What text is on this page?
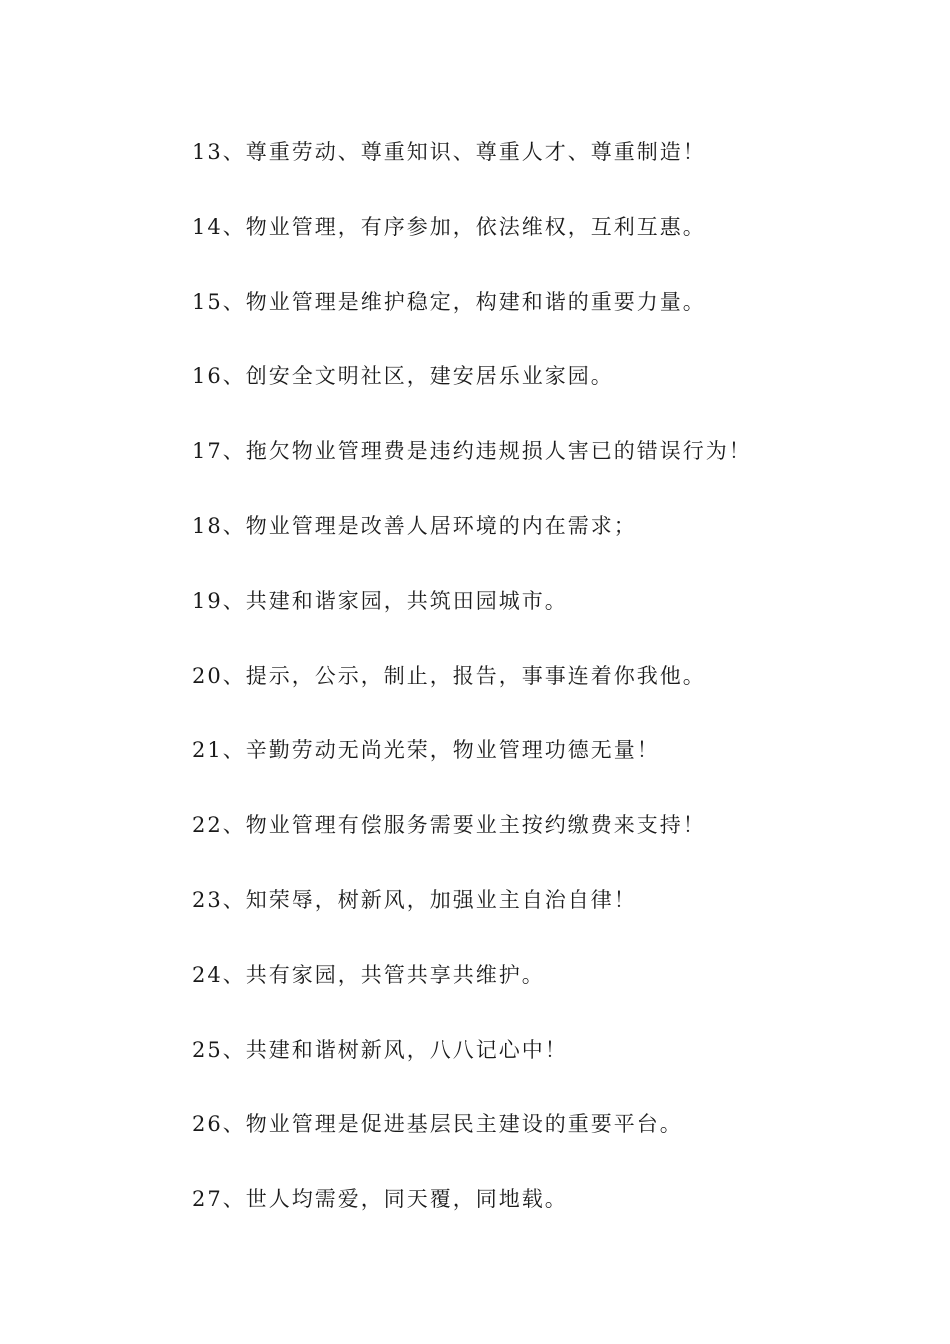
13、尊重劳动、尊重知识、尊重人才、尊重制造！
14、物业管理，有序参加，依法维权，互利互惠。
15、物业管理是维护稳定，构建和谐的重要力量。
16、创安全文明社区，建安居乐业家园。
17、拖欠物业管理费是违约违规损人害已的错误行为！
18、物业管理是改善人居环境的内在需求；
19、共建和谐家园，共筑田园城市。
20、提示，公示，制止，报告，事事连着你我他。
21、辛勤劳动无尚光荣，物业管理功德无量！
22、物业管理有偿服务需要业主按约缴费来支持！
23、知荣辱，树新风，加强业主自治自律！
24、共有家园，共管共享共维护。
25、共建和谐树新风，八八记心中！
26、物业管理是促进基层民主建设的重要平台。
27、世人均需爱，同天覆，同地载。
